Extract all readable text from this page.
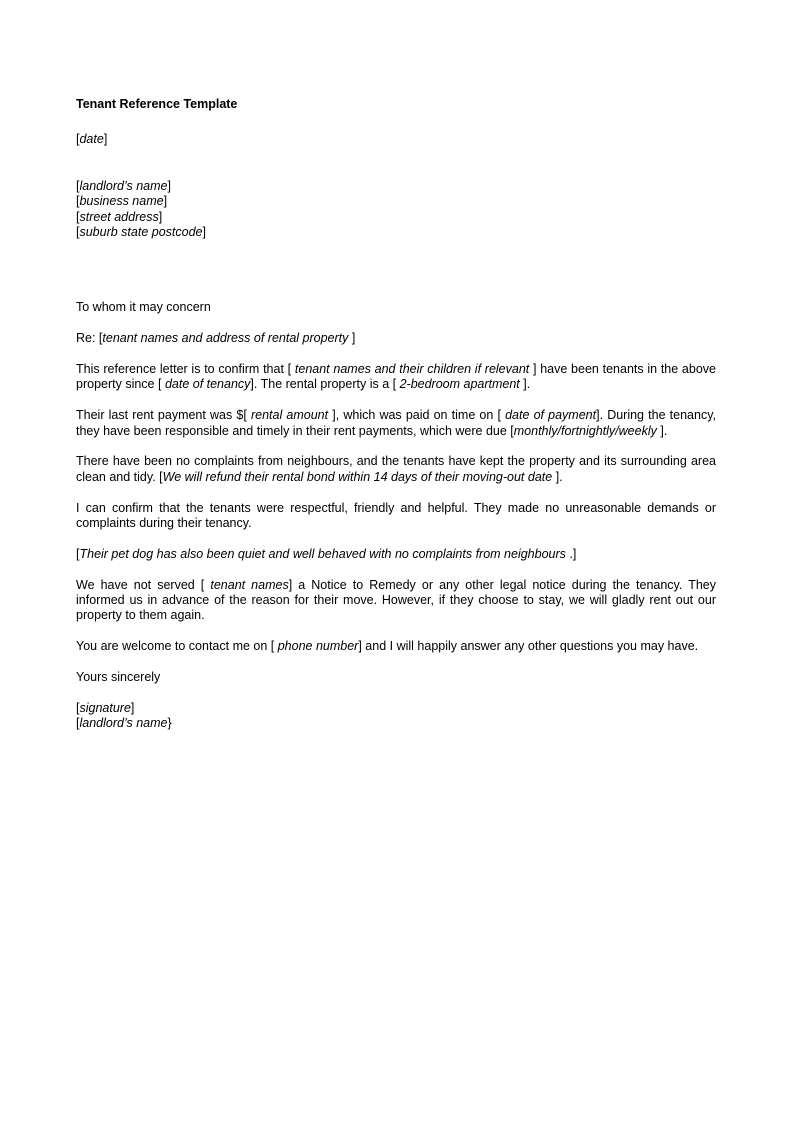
Tenant Reference Template
[date]
[landlord’s name]
[business name]
[street address]
[suburb state postcode]
To whom it may concern
Re: [tenant names and address of rental property ]
This reference letter is to confirm that [ tenant names and their children if relevant ] have been tenants in the above property since [ date of tenancy]. The rental property is a [ 2-bedroom apartment ].
Their last rent payment was $[ rental amount ], which was paid on time on [ date of payment]. During the tenancy, they have been responsible and timely in their rent payments, which were due [monthly/fortnightly/weekly ].
There have been no complaints from neighbours, and the tenants have kept the property and its surrounding area clean and tidy. [We will refund their rental bond within 14 days of their moving-out date ].
I can confirm that the tenants were respectful, friendly and helpful. They made no unreasonable demands or complaints during their tenancy.
[Their pet dog has also been quiet and well behaved with no complaints from neighbours .]
We have not served [ tenant names] a Notice to Remedy or any other legal notice during the tenancy. They informed us in advance of the reason for their move. However, if they choose to stay, we will gladly rent out our property to them again.
You are welcome to contact me on [ phone number] and I will happily answer any other questions you may have.
Yours sincerely
[signature]
[landlord’s name}
